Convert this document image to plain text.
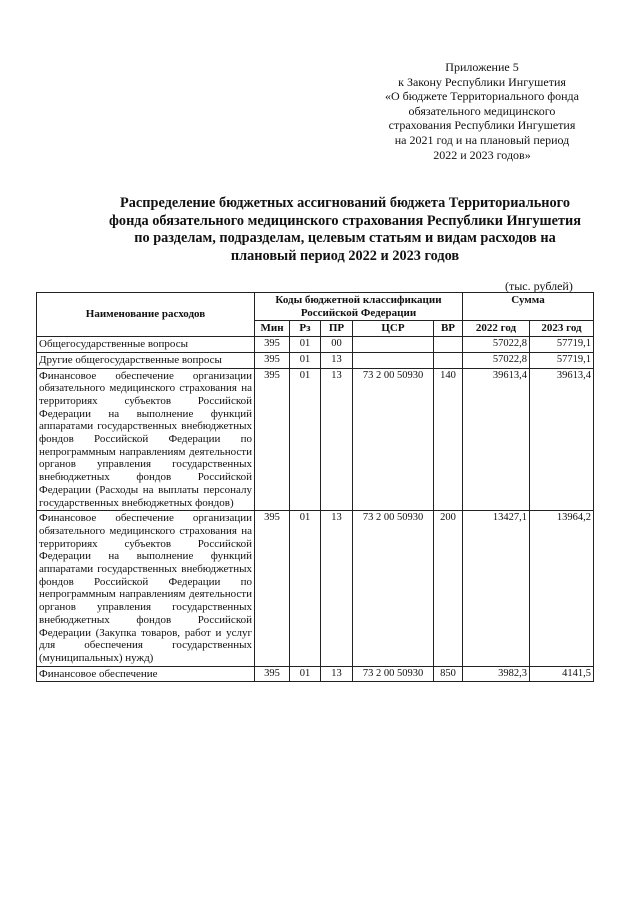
Приложение 5
к Закону Республики Ингушетия
«О бюджете Территориального фонда
обязательного медицинского
страхования Республики Ингушетия
на 2021 год и на плановый период
2022 и 2023 годов»
Распределение бюджетных ассигнований бюджета Территориального
фонда обязательного медицинского страхования Республики Ингушетия
по разделам, подразделам, целевым статьям и видам расходов на
плановый период 2022 и 2023 годов
(тыс. рублей)
Наименование расходов	Коды бюджетной классификации Российской Федерации					Сумма	
	Мин	Рз	ПР	ЦСР	ВР	2022 год	2023 год
Общегосударственные вопросы	395	01	00			57022,8	57719,1
Другие общегосударственные вопросы	395	01	13			57022,8	57719,1
Финансовое обеспечение организации обязательного медицинского страхования на территориях субъектов Российской Федерации на выполнение функций аппаратами государственных внебюджетных фондов Российской Федерации по непрограммным направлениям деятельности органов управления государственных внебюджетных фондов Российской Федерации (Расходы на выплаты персоналу государственных внебюджетных фондов)	395	01	13	73 2 00 50930	140	39613,4	39613,4
Финансовое обеспечение организации обязательного медицинского страхования на территориях субъектов Российской Федерации на выполнение функций аппаратами государственных внебюджетных фондов Российской Федерации по непрограммным направлениям деятельности органов управления государственных внебюджетных фондов Российской Федерации (Закупка товаров, работ и услуг для обеспечения государственных (муниципальных) нужд)	395	01	13	73 2 00 50930	200	13427,1	13964,2
Финансовое обеспечение	395	01	13	73 2 00 50930	850	3982,3	4141,5
